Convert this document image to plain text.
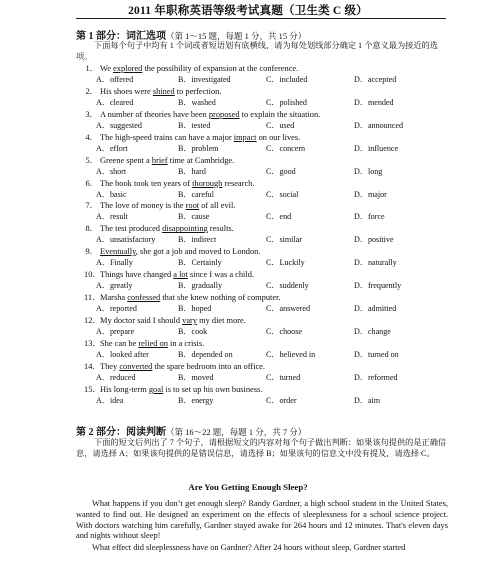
2011 年职称英语等级考试真题（卫生类 C 级）
第 1 部分：词汇选项（第 1～15 题，每题 1 分，共 15 分）
下面每个句子中均有 1 个词或者短语划有底横线，请为每处划线部分确定 1 个意义最为接近的选项。
1． We explored the possibility of expansion at the conference.
A．offered	B．investigated	C．included	D．accepted
2． His shoes were shined to perfection.
A．cleared	B．washed	C．polished	D．mended
3． A number of theories have been proposed to explain the situation.
A．suggested	B．tested	C．used	D．announced
4． The high-speed trains can have a major impact on our lives.
A．effort	B．problem	C．concern	D．influence
5． Greene spent a brief time at Cambridge.
A．short	B．hard	C．good	D．long
6． The book took ten years of thorough research.
A．basic	B．careful	C．social	D．major
7． The love of money is the root of all evil.
A．result	B．cause	C．end	D．force
8． The test produced disappointing results.
A．unsatisfactory	B．indirect	C．similar	D．positive
9． Eventually, she got a job and moved to London.
A．Finally	B．Certainly	C．Luckily	D．naturally
10．Things have changed a lot since I was a child.
A．greatly	B．gradually	C．suddenly	D．frequently
11．Marsha confessed that she knew nothing of computer.
A．reported	B．hoped	C．answered	D．admitted
12．My doctor said I should vary my diet more.
A．prepare	B．cook	C．choose	D．change
13．She can be relied on in a crisis.
A．looked after	B．depended on	C．believed in	D．turned on
14．They converted the spare bedroom into an office.
A．reduced	B．moved	C．turned	D．reformed
15．His long-term goal is to set up his own business.
A．idea	B．energy	C．order	D．aim
第 2 部分：阅读判断（第 16～22 题，每题 1 分，共 7 分）
下面的短文后列出了 7 个句子，请根据短文的内容对每个句子做出判断：如果该句提供的是正确信息，请选择 A；如果该句提供的是错误信息，请选择 B；如果该句的信息文中没有提及，请选择 C。
Are You Getting Enough Sleep?
What happens if you don’t get enough sleep? Randy Gardner, a high school student in the United States, wanted to find out. He designed an experiment on the effects of sleeplessness for a school science project. With doctors watching him carefully, Gardner stayed awake for 264 hours and 12 minutes. That's eleven days and nights without sleep!
What effect did sleeplessness have on Gardner? After 24 hours without sleep, Gardner started
